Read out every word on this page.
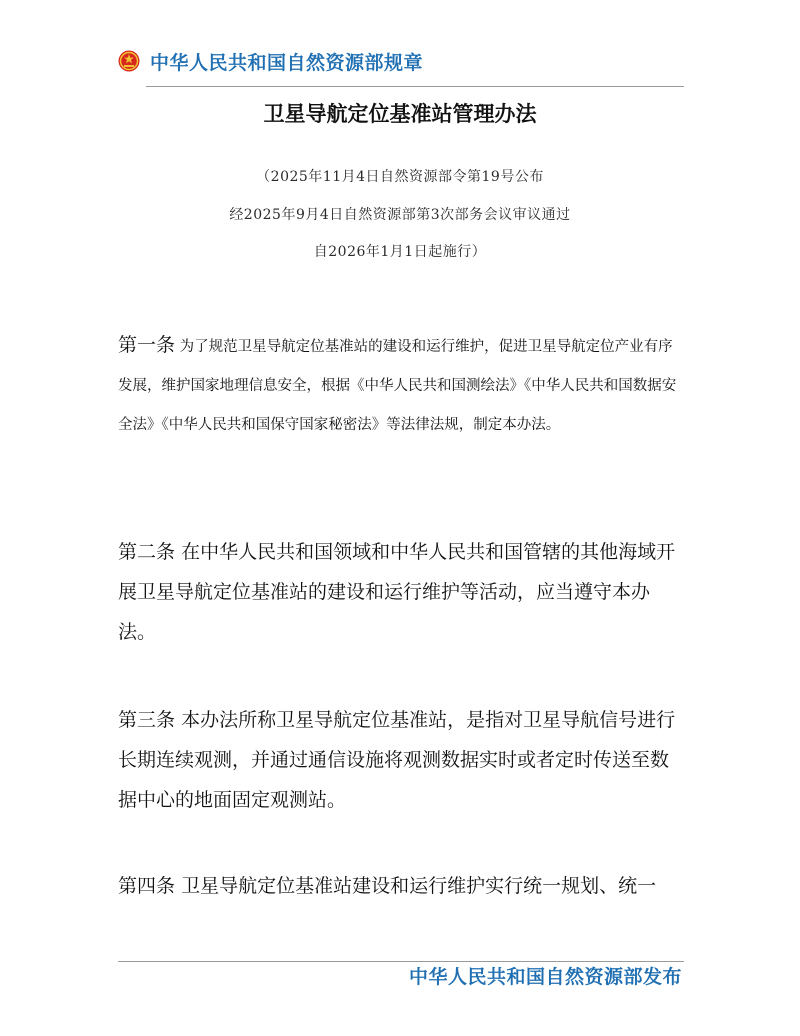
中华人民共和国自然资源部规章
卫星导航定位基准站管理办法
（2025年11月4日自然资源部令第19号公布
经2025年9月4日自然资源部第3次部务会议审议通过
自2026年1月1日起施行）

第一条 为了规范卫星导航定位基准站的建设和运行维护，促进卫星导航定位产业有序发展，维护国家地理信息安全，根据《中华人民共和国测绘法》《中华人民共和国数据安全法》《中华人民共和国保守国家秘密法》等法律法规，制定本办法。

第二条 在中华人民共和国领域和中华人民共和国管辖的其他海域开展卫星导航定位基准站的建设和运行维护等活动，应当遵守本办法。

第三条 本办法所称卫星导航定位基准站，是指对卫星导航信号进行长期连续观测，并通过通信设施将观测数据实时或者定时传送至数据中心的地面固定观测站。

第四条 卫星导航定位基准站建设和运行维护实行统一规划、统一

中华人民共和国自然资源部发布
